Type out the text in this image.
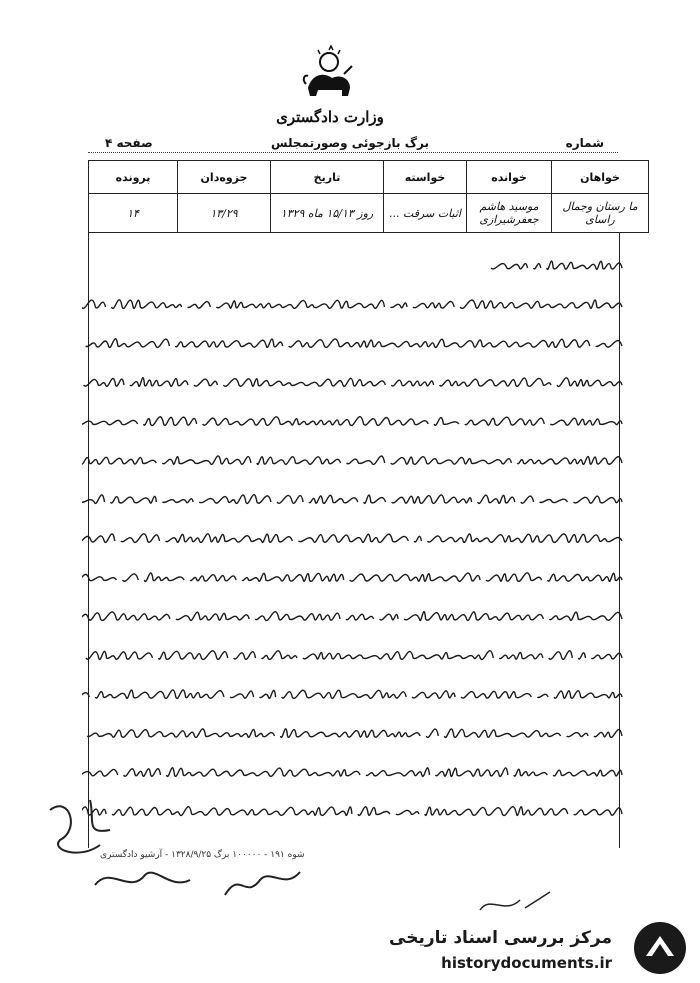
وزارت دادگستری
شماره
برگ بازجوئی وصورتمجلس
صفحه ۴
خواهان	خوانده	خواسته	تاریخ	جزوه‌دان	پرونده
ما رستان وجمال راسای	موسید هاشم جعفرشیرازی	اثبات سرقت ...	روز ۱۵/۱۳ ماه ۱۳۲۹	۱۳/۲۹	۱۴
شوه ۱۹۱ - ۱۰۰۰۰۰ برگ ۱۳۲۸/۹/۲۵ - آرشیو دادگستری
مرکز بررسی اسناد تاریخی
historydocuments.ir
